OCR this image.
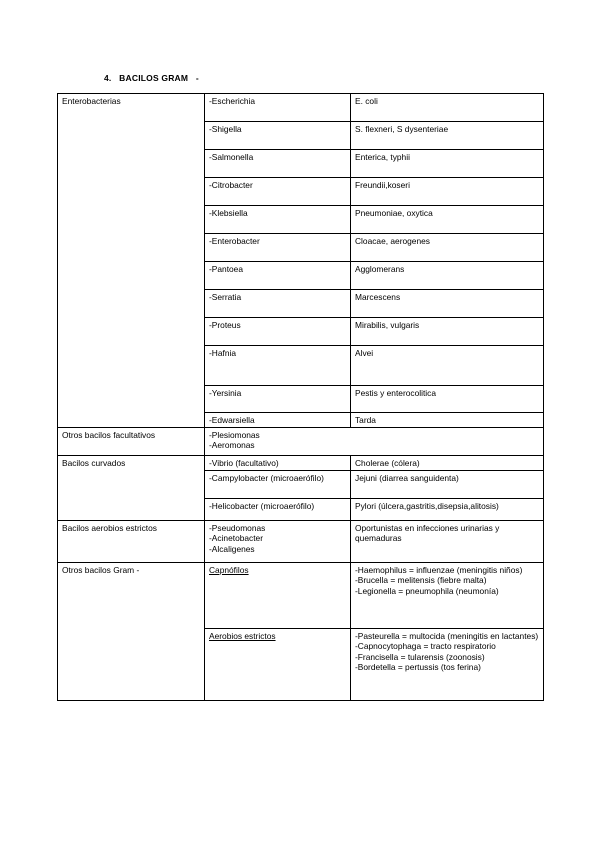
4.   BACILOS GRAM   -
Enterobacterias	-Escherichia	E. coli
	-Shigella	S. flexneri, S dysenteriae
	-Salmonella	Enterica, typhii
	-Citrobacter	Freundii,koseri
	-Klebsiella	Pneumoniae, oxytica
	-Enterobacter	Cloacae, aerogenes
	-Pantoea	Agglomerans
	-Serratia	Marcescens
	-Proteus	Mirabilis, vulgaris
	-Hafnia	Alvei
	-Yersinia	Pestis y enterocolitica
	-Edwarsiella	Tarda
Otros bacilos facultativos	-Plesiomonas
-Aeromonas	

Bacilos curvados	-Vibrio (facultativo)	Cholerae (cólera)

	-Campylobacter (microaerófilo)	Jejuni (diarrea sanguidenta)
	-Helicobacter (microaerófilo)	Pylori (úlcera,gastritis,disepsia,alitosis)
Bacilos aerobios estrictos	-Pseudomonas
-Acinetobacter
-Alcaligenes	Oportunistas en infecciones urinarias y quemaduras
Otros bacilos Gram -	Capnófilos	-Haemophilus = influenzae (meningitis niños)
-Brucella = melitensis (fiebre malta)
-Legionella = pneumophila (neumonía)

	Aerobios estrictos	-Pasteurella = multocida (meningitis en lactantes)
-Capnocytophaga = tracto respiratorio
-Francisella = tularensis (zoonosis)
-Bordetella = pertussis (tos ferina)
